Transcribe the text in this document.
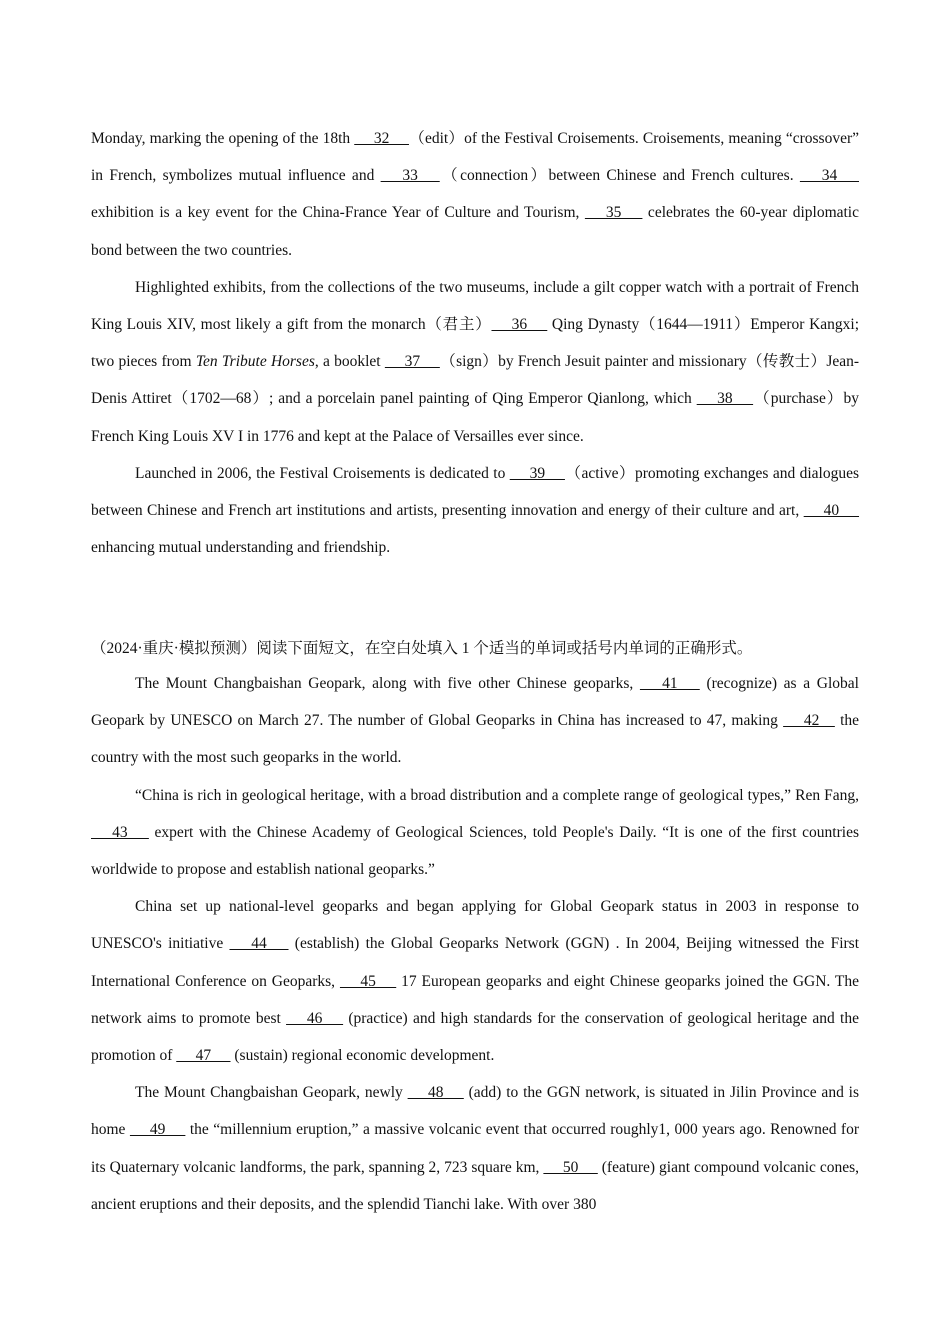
Monday, marking the opening of the 18th    32   （edit）of the Festival Croisements. Croisements, meaning “crossover” in French, symbolizes mutual influence and    33   （connection）between Chinese and French cultures.    34    exhibition is a key event for the China-France Year of Culture and Tourism,    35    celebrates the 60-year diplomatic bond between the two countries.

Highlighted exhibits, from the collections of the two museums, include a gilt copper watch with a portrait of French King Louis XIV, most likely a gift from the monarch（君主）   36    Qing Dynasty（1644—1911）Emperor Kangxi; two pieces from Ten Tribute Horses, a booklet    37   （sign）by French Jesuit painter and missionary（传教士）Jean-Denis Attiret（1702—68）; and a porcelain panel painting of Qing Emperor Qianlong, which    38   （purchase）by French King Louis XV I in 1776 and kept at the Palace of Versailles ever since.

Launched in 2006, the Festival Croisements is dedicated to    39   （active）promoting exchanges and dialogues between Chinese and French art institutions and artists, presenting innovation and energy of their culture and art,    40    enhancing mutual understanding and friendship.

（2024·重庆·模拟预测）阅读下面短文，在空白处填入 1 个适当的单词或括号内单词的正确形式。

The Mount Changbaishan Geopark, along with five other Chinese geoparks,    41    (recognize) as a Global Geopark by UNESCO on March 27. The number of Global Geoparks in China has increased to 47, making    42   the country with the most such geoparks in the world.

“China is rich in geological heritage, with a broad distribution and a complete range of geological types,” Ren Fang,    43    expert with the Chinese Academy of Geological Sciences, told People's Daily. “It is one of the first countries worldwide to propose and establish national geoparks.”

China set up national-level geoparks and began applying for Global Geopark status in 2003 in response to UNESCO's initiative    44    (establish) the Global Geoparks Network (GGN) . In 2004, Beijing witnessed the First International Conference on Geoparks,    45    17 European geoparks and eight Chinese geoparks joined the GGN. The network aims to promote best    46    (practice) and high standards for the conservation of geological heritage and the promotion of    47    (sustain) regional economic development.

The Mount Changbaishan Geopark, newly    48    (add) to the GGN network, is situated in Jilin Province and is home    49    the “millennium eruption,” a massive volcanic event that occurred roughly1, 000 years ago. Renowned for its Quaternary volcanic landforms, the park, spanning 2, 723 square km,    50    (feature) giant compound volcanic cones, ancient eruptions and their deposits, and the splendid Tianchi lake. With over 380
